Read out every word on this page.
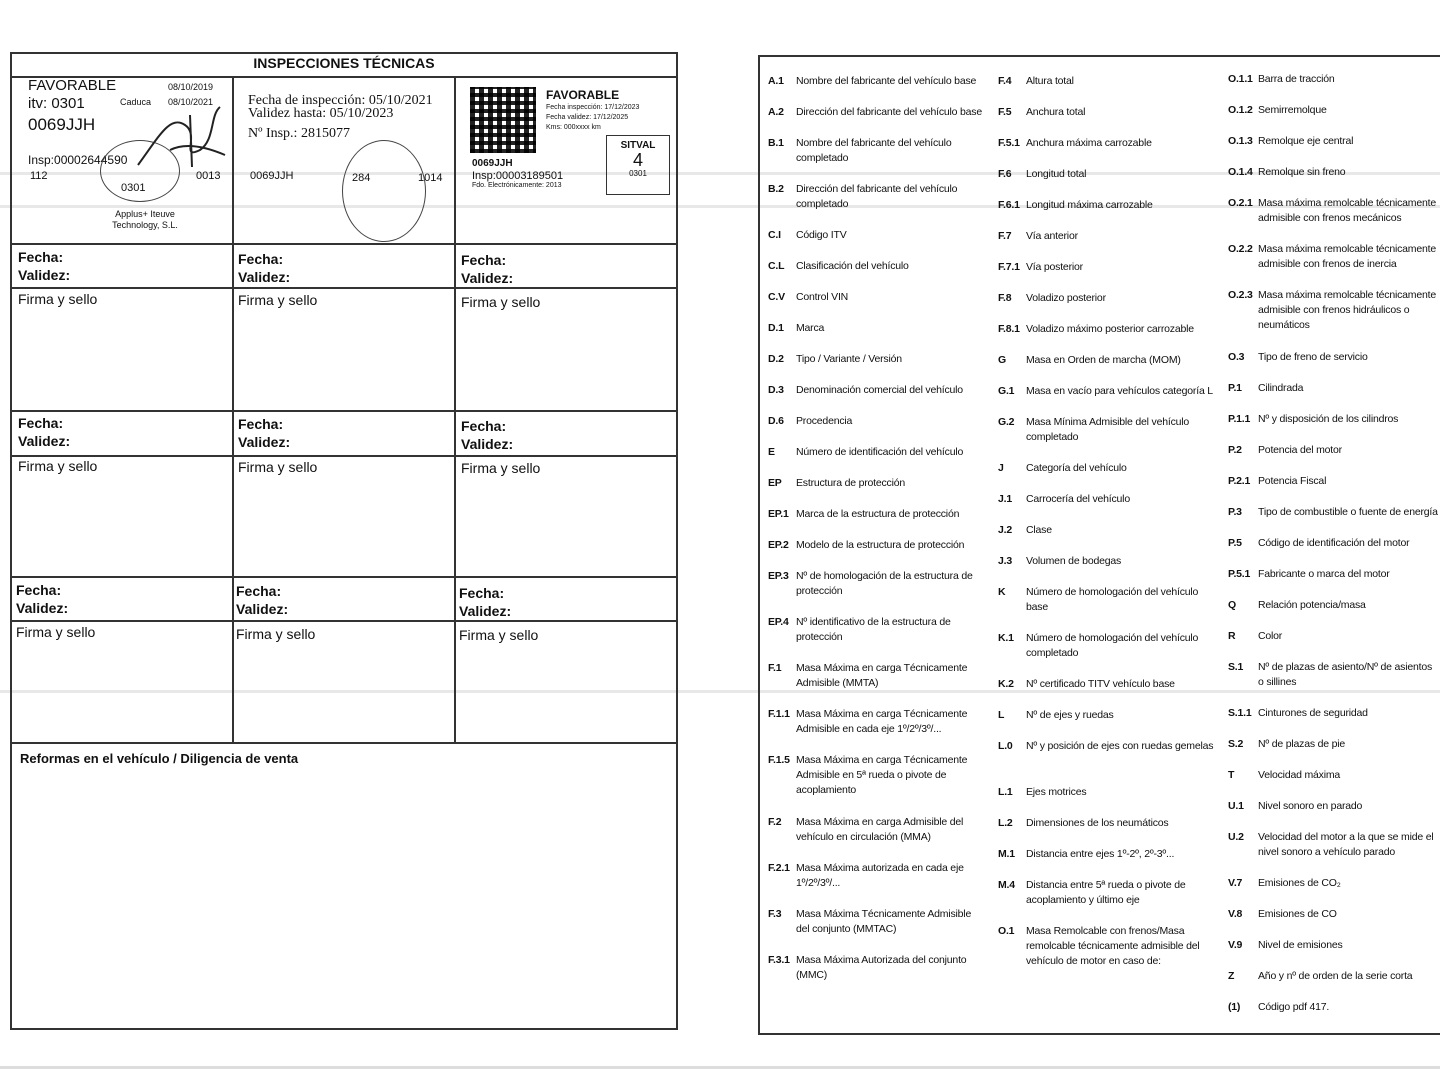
INSPECCIONES TÉCNICAS
FAVORABLE	08/10/2019
itv: 0301	Caduca 08/10/2021
0069JJH
Insp:00002644590
112	0013
0301
Applus+ Iteuve Technology, S.L.
Fecha de inspección: 05/10/2021
Validez hasta: 05/10/2023
Nº Insp.: 2815077
0069JJH	284	1014
FAVORABLE
Fecha inspección: 17/12/2023
Fecha validez: 17/12/2025
Kms: 000xxxx km
0069JJH
Insp:00003189501
Fdo. Electrónicamente: 2013
SITVAL
4
0301
Fecha:
Validez:
Firma y sello
Fecha:
Validez:
Firma y sello
Fecha:
Validez:
Firma y sello
Fecha:
Validez:
Firma y sello
Fecha:
Validez:
Firma y sello
Fecha:
Validez:
Firma y sello
Fecha:
Validez:
Firma y sello
Fecha:
Validez:
Firma y sello
Fecha:
Validez:
Firma y sello
Reformas en el vehículo / Diligencia de venta
A.1 Nombre del fabricante del vehículo base
A.2 Dirección del fabricante del vehículo base
B.1 Nombre del fabricante del vehículo completado
B.2 Dirección del fabricante del vehículo completado
C.I Código ITV
C.L Clasificación del vehículo
C.V Control VIN
D.1 Marca
D.2 Tipo / Variante / Versión
D.3 Denominación comercial del vehículo
D.6 Procedencia
E Número de identificación del vehículo
EP Estructura de protección
EP.1 Marca de la estructura de protección
EP.2 Modelo de la estructura de protección
EP.3 Nº de homologación de la estructura de protección
EP.4 Nº identificativo de la estructura de protección
F.1 Masa Máxima en carga Técnicamente Admisible (MMTA)
F.1.1 Masa Máxima en carga Técnicamente Admisible en cada eje 1º/2º/3º/...
F.1.5 Masa Máxima en carga Técnicamente Admisible en 5ª rueda o pivote de acoplamiento
F.2 Masa Máxima en carga Admisible del vehículo en circulación (MMA)
F.2.1 Masa Máxima autorizada en cada eje 1º/2º/3º/...
F.3 Masa Máxima Técnicamente Admisible del conjunto (MMTAC)
F.3.1 Masa Máxima Autorizada del conjunto (MMC)
F.4 Altura total
F.5 Anchura total
F.5.1 Anchura máxima carrozable
F.6 Longitud total
F.6.1 Longitud máxima carrozable
F.7 Vía anterior
F.7.1 Vía posterior
F.8 Voladizo posterior
F.8.1 Voladizo máximo posterior carrozable
G Masa en Orden de marcha (MOM)
G.1 Masa en vacío para vehículos categoría L
G.2 Masa Mínima Admisible del vehículo completado
J Categoría del vehículo
J.1 Carrocería del vehículo
J.2 Clase
J.3 Volumen de bodegas
K Número de homologación del vehículo base
K.1 Número de homologación del vehículo completado
K.2 Nº certificado TITV vehículo base
L Nº de ejes y ruedas
L.0 Nº y posición de ejes con ruedas gemelas
L.1 Ejes motrices
L.2 Dimensiones de los neumáticos
M.1 Distancia entre ejes 1º-2º, 2º-3º...
M.4 Distancia entre 5ª rueda o pivote de acoplamiento y último eje
O.1 Masa Remolcable con frenos/Masa remolcable técnicamente admisible del vehículo de motor en caso de:
O.1.1 Barra de tracción
O.1.2 Semirremolque
O.1.3 Remolque eje central
O.1.4 Remolque sin freno
O.2.1 Masa máxima remolcable técnicamente admisible con frenos mecánicos
O.2.2 Masa máxima remolcable técnicamente admisible con frenos de inercia
O.2.3 Masa máxima remolcable técnicamente admisible con frenos hidráulicos o neumáticos
O.3 Tipo de freno de servicio
P.1 Cilindrada
P.1.1 Nº y disposición de los cilindros
P.2 Potencia del motor
P.2.1 Potencia Fiscal
P.3 Tipo de combustible o fuente de energía
P.5 Código de identificación del motor
P.5.1 Fabricante o marca del motor
Q Relación potencia/masa
R Color
S.1 Nº de plazas de asiento/Nº de asientos o sillines
S.1.1 Cinturones de seguridad
S.2 Nº de plazas de pie
T Velocidad máxima
U.1 Nivel sonoro en parado
U.2 Velocidad del motor a la que se mide el nivel sonoro a vehículo parado
V.7 Emisiones de CO₂
V.8 Emisiones de CO
V.9 Nivel de emisiones
Z Año y nº de orden de la serie corta
(1) Código pdf 417.
